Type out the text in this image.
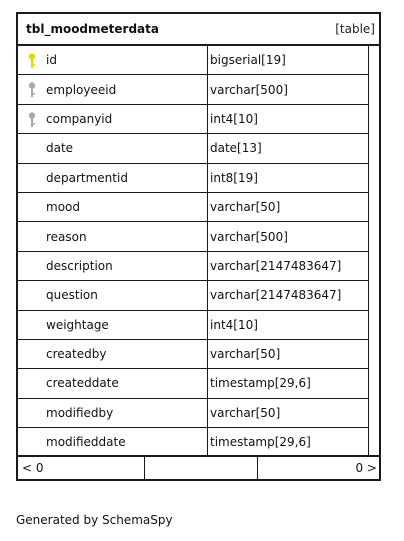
tbl_moodmeterdata	[table]
id	bigserial[19]
employeeid	varchar[500]
companyid	int4[10]
date	date[13]
departmentid	int8[19]
mood	varchar[50]
reason	varchar[500]
description	varchar[2147483647]
question	varchar[2147483647]
weightage	int4[10]
createdby	varchar[50]
createddate	timestamp[29,6]
modifiedby	varchar[50]
modifieddate	timestamp[29,6]
< 0	0 >
Generated by SchemaSpy
